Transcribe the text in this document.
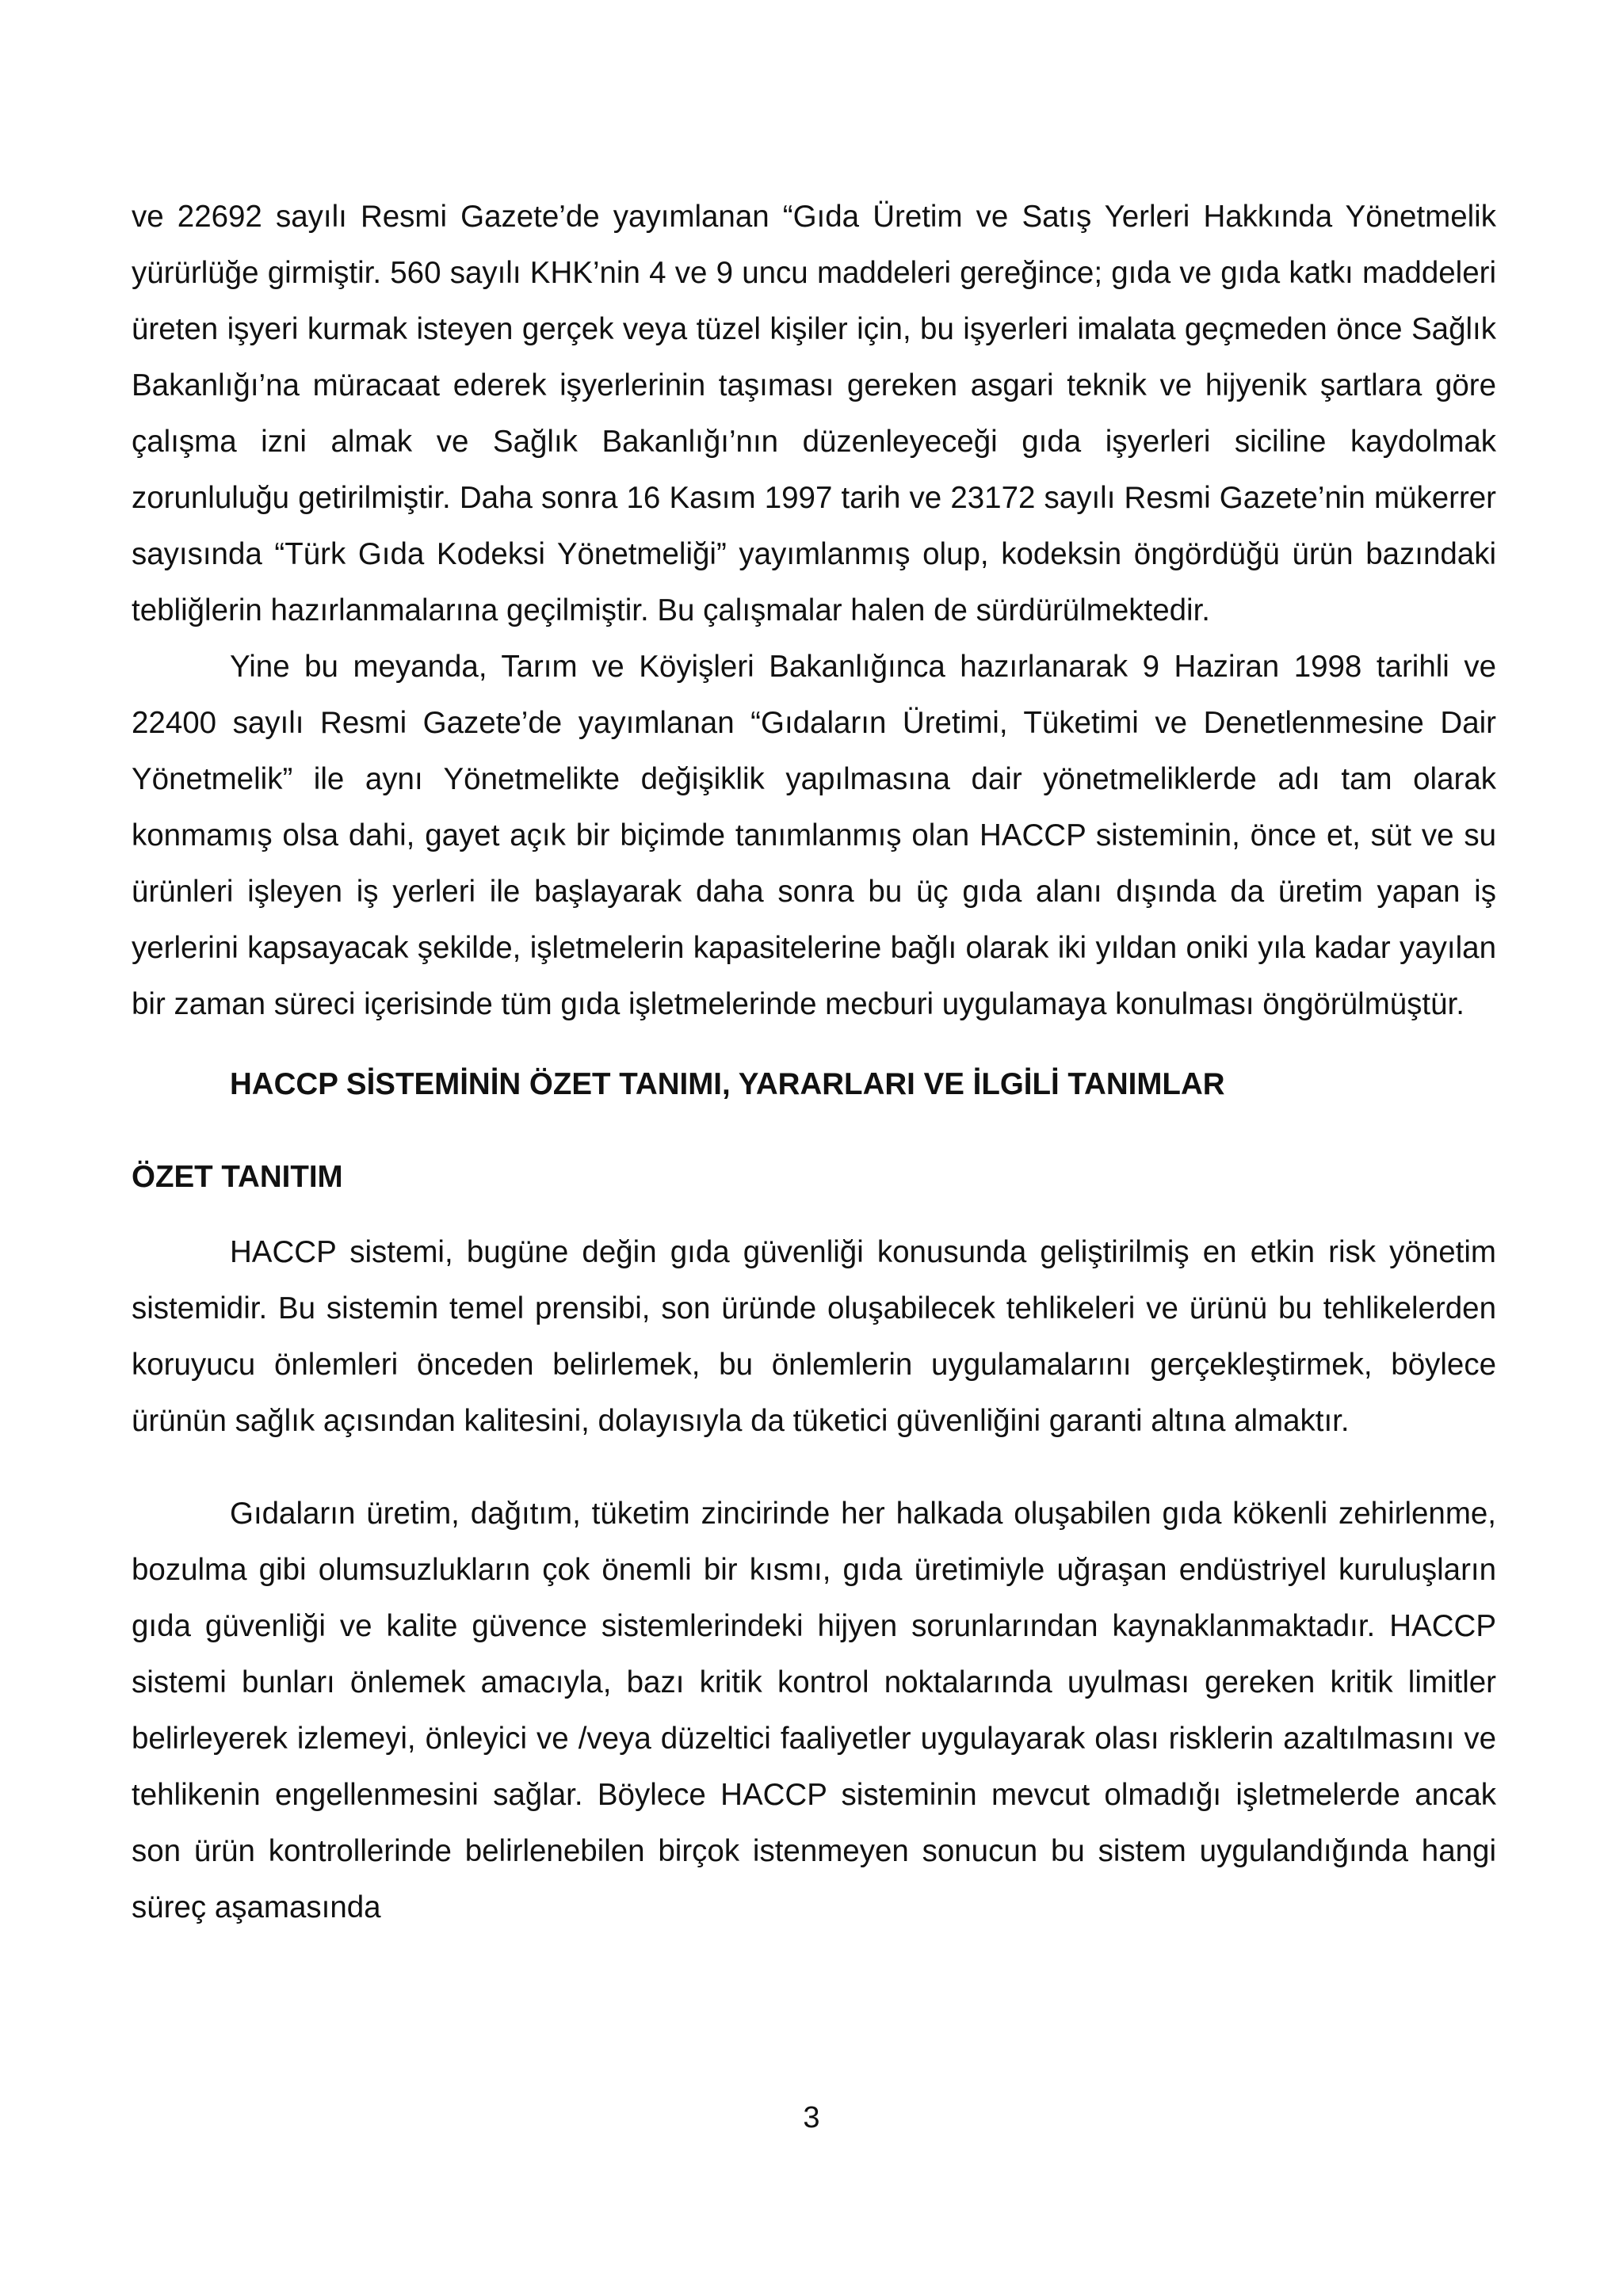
ve 22692 sayılı Resmi Gazete’de yayımlanan “Gıda Üretim ve Satış Yerleri Hakkında Yönetmelik yürürlüğe girmiştir. 560 sayılı KHK’nin 4 ve 9 uncu maddeleri gereğince; gıda ve gıda katkı maddeleri üreten işyeri kurmak isteyen gerçek veya tüzel kişiler için, bu işyerleri imalata geçmeden önce Sağlık Bakanlığı’na müracaat ederek işyerlerinin taşıması gereken asgari teknik ve hijyenik şartlara göre çalışma izni almak ve Sağlık Bakanlığı’nın düzenleyeceği gıda işyerleri siciline kaydolmak zorunluluğu getirilmiştir. Daha sonra 16 Kasım 1997 tarih ve 23172 sayılı Resmi Gazete’nin mükerrer sayısında “Türk Gıda Kodeksi Yönetmeliği” yayımlanmış olup, kodeksin öngördüğü ürün bazındaki tebliğlerin hazırlanmalarına geçilmiştir. Bu çalışmalar halen de sürdürülmektedir.

Yine bu meyanda, Tarım ve Köyişleri Bakanlığınca hazırlanarak 9 Haziran 1998 tarihli ve 22400 sayılı Resmi Gazete’de yayımlanan “Gıdaların Üretimi, Tüketimi ve Denetlenmesine Dair Yönetmelik” ile aynı Yönetmelikte değişiklik yapılmasına dair yönetmeliklerde adı tam olarak konmamış olsa dahi, gayet açık bir biçimde tanımlanmış olan HACCP sisteminin, önce et, süt ve su ürünleri işleyen iş yerleri ile başlayarak daha sonra bu üç gıda alanı dışında da üretim yapan iş yerlerini kapsayacak şekilde, işletmelerin kapasitelerine bağlı olarak iki yıldan oniki yıla kadar yayılan bir zaman süreci içerisinde tüm gıda işletmelerinde mecburi uygulamaya konulması öngörülmüştür.

HACCP SİSTEMİNİN ÖZET TANIMI, YARARLARI VE İLGİLİ TANIMLAR
ÖZET TANITIM

HACCP sistemi, bugüne değin gıda güvenliği konusunda geliştirilmiş en etkin risk yönetim sistemidir. Bu sistemin temel prensibi, son üründe oluşabilecek tehlikeleri ve ürünü bu tehlikelerden koruyucu önlemleri önceden belirlemek, bu önlemlerin uygulamalarını gerçekleştirmek, böylece ürünün sağlık açısından kalitesini, dolayısıyla da tüketici güvenliğini garanti altına almaktır.

Gıdaların üretim, dağıtım, tüketim zincirinde her halkada oluşabilen gıda kökenli zehirlenme, bozulma gibi olumsuzlukların çok önemli bir kısmı, gıda üretimiyle uğraşan endüstriyel kuruluşların gıda güvenliği ve kalite güvence sistemlerindeki hijyen sorunlarından kaynaklanmaktadır. HACCP sistemi bunları önlemek amacıyla, bazı kritik kontrol noktalarında uyulması gereken kritik limitler belirleyerek izlemeyi, önleyici ve /veya düzeltici faaliyetler uygulayarak olası risklerin azaltılmasını ve tehlikenin engellenmesini sağlar. Böylece HACCP sisteminin mevcut olmadığı işletmelerde ancak son ürün kontrollerinde belirlenebilen birçok istenmeyen sonucun bu sistem uygulandığında hangi süreç aşamasında

3
